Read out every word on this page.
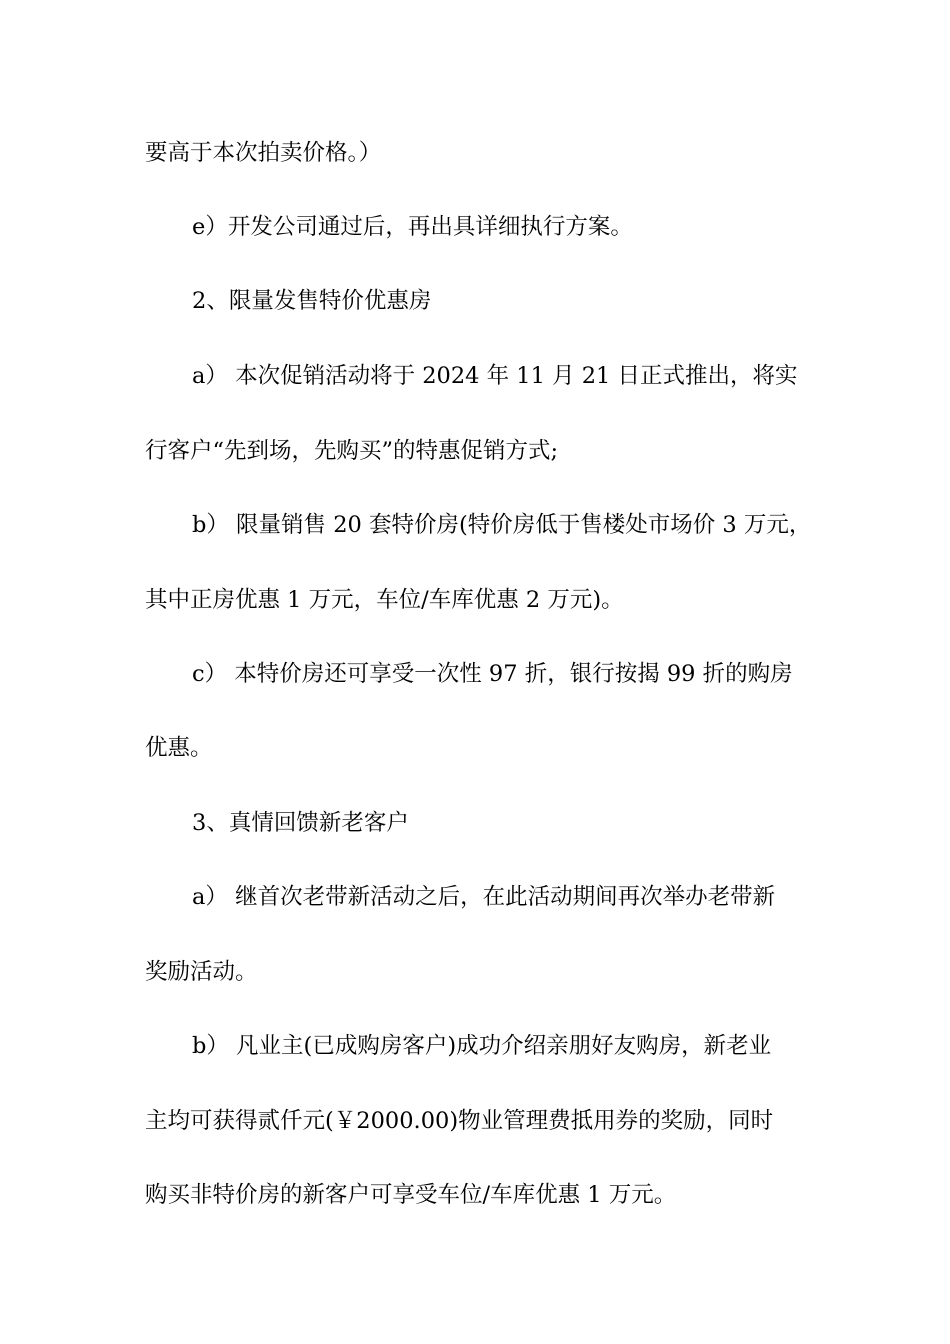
要高于本次拍卖价格。）
e）开发公司通过后，再出具详细执行方案。
2、限量发售特价优惠房
a） 本次促销活动将于 2024 年 11 月 21 日正式推出，将实
行客户“先到场，先购买”的特惠促销方式;
b） 限量销售 20 套特价房(特价房低于售楼处市场价 3 万元，
其中正房优惠 1 万元，车位/车库优惠 2 万元)。
c） 本特价房还可享受一次性 97 折，银行按揭 99 折的购房
优惠。
3、真情回馈新老客户
a） 继首次老带新活动之后，在此活动期间再次举办老带新
奖励活动。
b） 凡业主(已成购房客户)成功介绍亲朋好友购房，新老业
主均可获得贰仟元(￥2000.00)物业管理费抵用券的奖励，同时
购买非特价房的新客户可享受车位/车库优惠 1 万元。
